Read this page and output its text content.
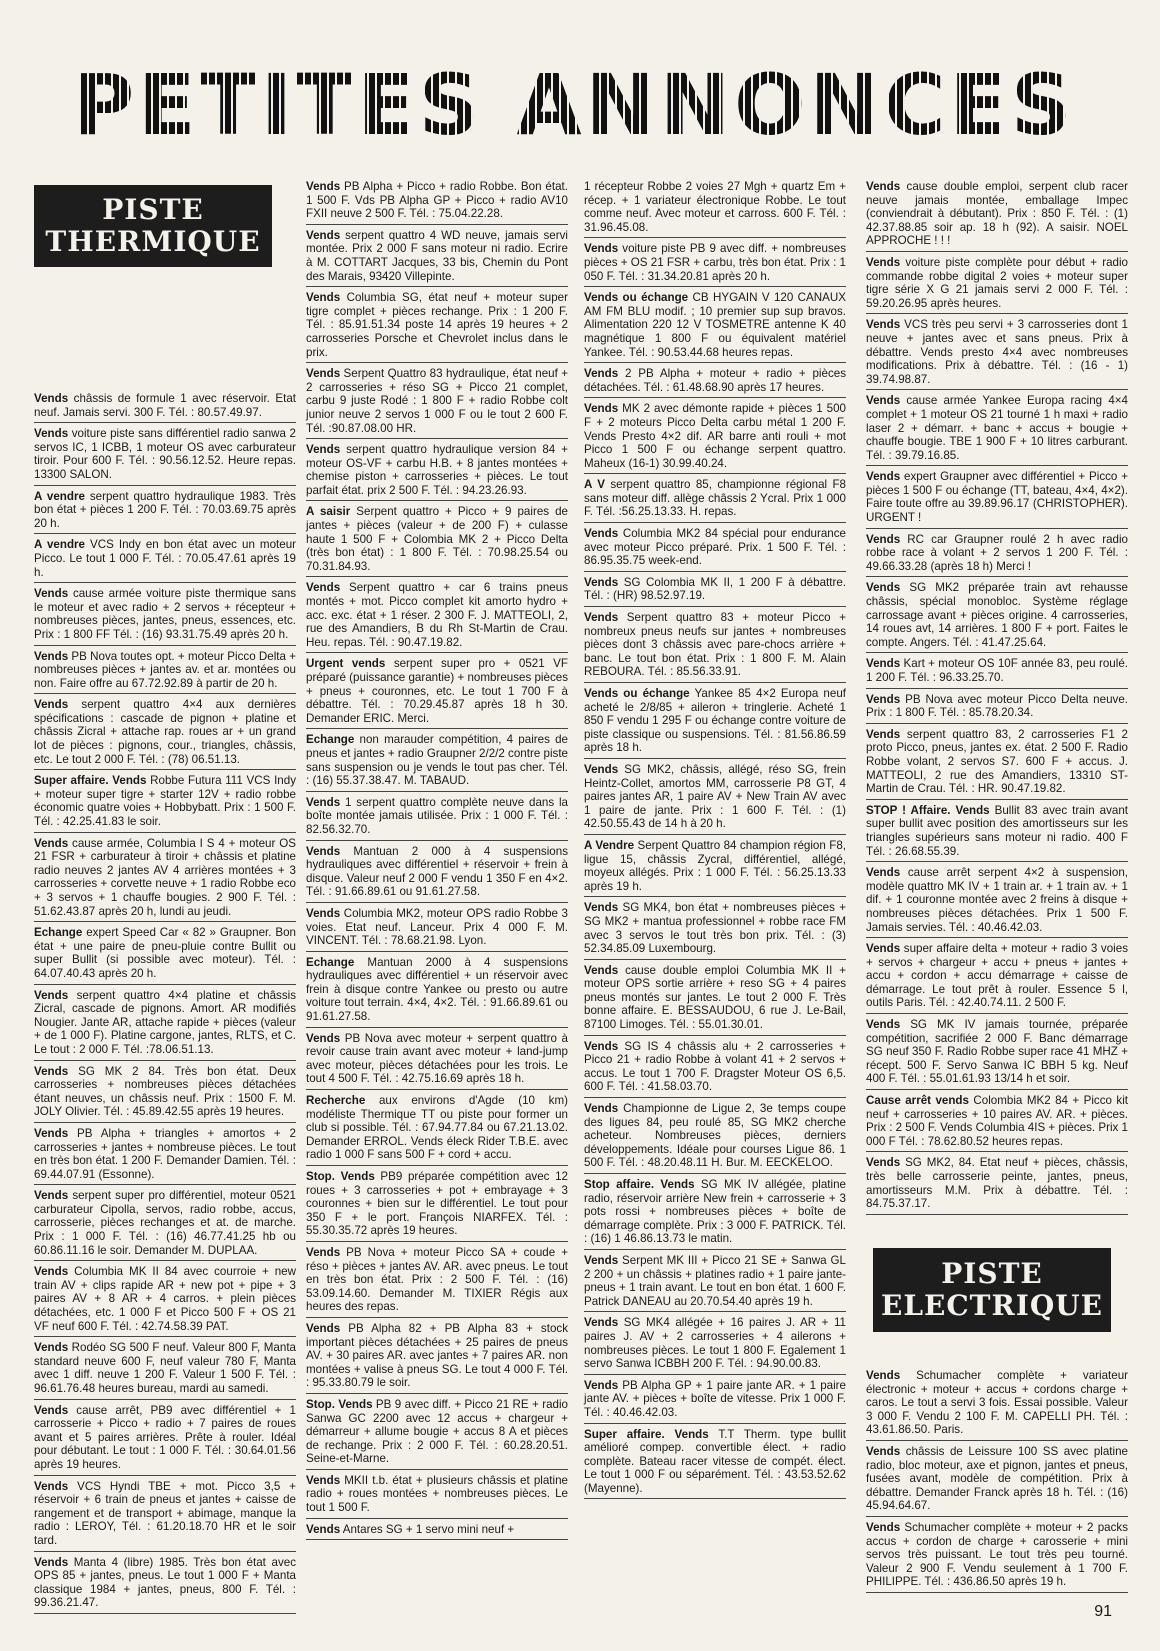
PETITES ANNONCES
PISTE
THERMIQUE
Vends châssis de formule 1 avec réservoir. Etat neuf. Jamais servi. 300 F. Tél. : 80.57.49.97.
Vends voiture piste sans différentiel radio sanwa 2 servos IC, 1 ICBB, 1 moteur OS avec carburateur tiroir. Pour 600 F. Tél. : 90.56.12.52. Heure repas. 13300 SALON.
A vendre serpent quattro hydraulique 1983. Très bon état + pièces 1 200 F. Tél. : 70.03.69.75 après 20 h.
A vendre VCS Indy en bon état avec un moteur Picco. Le tout 1 000 F. Tél. : 70.05.47.61 après 19 h.
Vends cause armée voiture piste thermique sans le moteur et avec radio + 2 servos + récepteur + nombreuses pièces, jantes, pneus, essences, etc. Prix : 1 800 FF Tél. : (16) 93.31.75.49 après 20 h.
Vends PB Nova toutes opt. + moteur Picco Delta + nombreuses pièces + jantes av. et ar. montées ou non. Faire offre au 67.72.92.89 à partir de 20 h.
Vends serpent quattro 4×4 aux dernières spécifications : cascade de pignon + platine et châssis Zicral + attache rap. roues ar + un grand lot de pièces : pignons, cour., triangles, châssis, etc. Le tout 2 000 F. Tél. : (78) 06.51.13.
Super affaire. Vends Robbe Futura 111 VCS Indy + moteur super tigre + starter 12V + radio robbe économic quatre voies + Hobbybatt. Prix : 1 500 F. Tél. : 42.25.41.83 le soir.
Vends cause armée, Columbia I S 4 + moteur OS 21 FSR + carburateur à tiroir + châssis et platine radio neuves 2 jantes AV 4 arrières montées + 3 carrosseries + corvette neuve + 1 radio Robbe eco + 3 servos + 1 chauffe bougies. 2 900 F. Tél. : 51.62.43.87 après 20 h, lundi au jeudi.
Echange expert Speed Car « 82 » Graupner. Bon état + une paire de pneu-pluie contre Bullit ou super Bullit (si possible avec moteur). Tél. : 64.07.40.43 après 20 h.
Vends serpent quattro 4×4 platine et châssis Zicral, cascade de pignons. Amort. AR modifiés Nougier. Jante AR, attache rapide + pièces (valeur + de 1 000 F). Platine cargone, jantes, RLTS, et C. Le tout : 2 000 F. Tél. :78.06.51.13.
Vends SG MK 2 84. Très bon état. Deux carrosseries + nombreuses pièces détachées étant neuves, un châssis neuf. Prix : 1500 F. M. JOLY Olivier. Tél. : 45.89.42.55 après 19 heures.
Vends PB Alpha + triangles + amortos + 2 carrosseries + jantes + nombreuse pièces. Le tout en très bon état. 1 200 F. Demander Damien. Tél. : 69.44.07.91 (Essonne).
Vends serpent super pro différentiel, moteur 0521 carburateur Cipolla, servos, radio robbe, accus, carrosserie, pièces rechanges et at. de marche. Prix : 1 000 F. Tél. : (16) 46.77.41.25 hb ou 60.86.11.16 le soir. Demander M. DUPLAA.
Vends Columbia MK II 84 avec courroie + new train AV + clips rapide AR + new pot + pipe + 3 paires AV + 8 AR + 4 carros. + plein pièces détachées, etc. 1 000 F et Picco 500 F + OS 21 VF neuf 600 F. Tél. : 42.74.58.39 PAT.
Vends Rodéo SG 500 F neuf. Valeur 800 F, Manta standard neuve 600 F, neuf valeur 780 F, Manta avec 1 diff. neuve 1 200 F. Valeur 1 500 F. Tél. : 96.61.76.48 heures bureau, mardi au samedi.
Vends cause arrêt, PB9 avec différentiel + 1 carrosserie + Picco + radio + 7 paires de roues avant et 5 paires arrières. Prête à rouler. Idéal pour débutant. Le tout : 1 000 F. Tél. : 30.64.01.56 après 19 heures.
Vends VCS Hyndi TBE + mot. Picco 3,5 + réservoir + 6 train de pneus et jantes + caisse de rangement et de transport + abimage, manque la radio : LEROY, Tél. : 61.20.18.70 HR et le soir tard.
Vends Manta 4 (libre) 1985. Très bon état avec OPS 85 + jantes, pneus. Le tout 1 000 F + Manta classique 1984 + jantes, pneus, 800 F. Tél. : 99.36.21.47.
Vends PB Alpha + Picco + radio Robbe. Bon état. 1 500 F. Vds PB Alpha GP + Picco + radio AV10 FXII neuve 2 500 F. Tél. : 75.04.22.28.
Vends serpent quattro 4 WD neuve, jamais servi montée. Prix 2 000 F sans moteur ni radio. Ecrire à M. COTTART Jacques, 33 bis, Chemin du Pont des Marais, 93420 Villepinte.
Vends Columbia SG, état neuf + moteur super tigre complet + pièces rechange. Prix : 1 200 F. Tél. : 85.91.51.34 poste 14 après 19 heures + 2 carrosseries Porsche et Chevrolet inclus dans le prix.
Vends Serpent Quattro 83 hydraulique, état neuf + 2 carrosseries + réso SG + Picco 21 complet, carbu 9 juste Rodé : 1 800 F + radio Robbe colt junior neuve 2 servos 1 000 F ou le tout 2 600 F. Tél. :90.87.08.00 HR.
Vends serpent quattro hydraulique version 84 + moteur OS-VF + carbu H.B. + 8 jantes montées + chemise piston + carrosseries + pièces. Le tout parfait état. prix 2 500 F. Tél. : 94.23.26.93.
A saisir Serpent quattro + Picco + 9 paires de jantes + pièces (valeur + de 200 F) + culasse haute 1 500 F + Colombia MK 2 + Picco Delta (très bon état) : 1 800 F. Tél. : 70.98.25.54 ou 70.31.84.93.
Vends Serpent quattro + car 6 trains pneus montés + mot. Picco complet kit amorto hydro + acc. exc. état + 1 réser. 2 300 F. J. MATTEOLI, 2, rue des Amandiers, B du Rh St-Martin de Crau. Heu. repas. Tél. : 90.47.19.82.
Urgent vends serpent super pro + 0521 VF préparé (puissance garantie) + nombreuses pièces + pneus + couronnes, etc. Le tout 1 700 F à débattre. Tél. : 70.29.45.87 après 18 h 30. Demander ERIC. Merci.
Echange non marauder compétition, 4 paires de pneus et jantes + radio Graupner 2/2/2 contre piste sans suspension ou je vends le tout pas cher. Tél. : (16) 55.37.38.47. M. TABAUD.
Vends 1 serpent quattro complète neuve dans la boîte montée jamais utilisée. Prix : 1 000 F. Tél. : 82.56.32.70.
Vends Mantuan 2 000 à 4 suspensions hydrauliques avec différentiel + réservoir + frein à disque. Valeur neuf 2 000 F vendu 1 350 F en 4×2. Tél. : 91.66.89.61 ou 91.61.27.58.
Vends Columbia MK2, moteur OPS radio Robbe 3 voies. Etat neuf. Lanceur. Prix 4 000 F. M. VINCENT. Tél. : 78.68.21.98. Lyon.
Echange Mantuan 2000 à 4 suspensions hydrauliques avec différentiel + un réservoir avec frein à disque contre Yankee ou presto ou autre voiture tout terrain. 4×4, 4×2. Tél. : 91.66.89.61 ou 91.61.27.58.
Vends PB Nova avec moteur + serpent quattro à revoir cause train avant avec moteur + land-jump avec moteur, pièces détachées pour les trois. Le tout 4 500 F. Tél. : 42.75.16.69 après 18 h.
Recherche aux environs d'Agde (10 km) modéliste Thermique TT ou piste pour former un club si possible. Tél. : 67.94.77.84 ou 67.21.13.02. Demander ERROL. Vends éleck Rider T.B.E. avec radio 1 000 F sans 500 F + cord + accu.
Stop. Vends PB9 préparée compétition avec 12 roues + 3 carrosseries + pot + embrayage + 3 couronnes + bien sur le différentiel. Le tout pour 350 F + le port. François NIARFEX. Tél. : 55.30.35.72 après 19 heures.
Vends PB Nova + moteur Picco SA + coude + réso + pièces + jantes AV. AR. avec pneus. Le tout en très bon état. Prix : 2 500 F. Tél. : (16) 53.09.14.60. Demander M. TIXIER Régis aux heures des repas.
Vends PB Alpha 82 + PB Alpha 83 + stock important pièces détachées + 25 paires de pneus AV. + 30 paires AR. avec jantes + 7 paires AR. non montées + valise à pneus SG. Le tout 4 000 F. Tél. : 95.33.80.79 le soir.
Stop. Vends PB 9 avec diff. + Picco 21 RE + radio Sanwa GC 2200 avec 12 accus + chargeur + démarreur + allume bougie + accus 8 A et pièces de rechange. Prix : 2 000 F. Tél. : 60.28.20.51. Seine-et-Marne.
Vends MKII t.b. état + plusieurs châssis et platine radio + roues montées + nombreuses pièces. Le tout 1 500 F.
Vends Antares SG + 1 servo mini neuf +
1 récepteur Robbe 2 voies 27 Mgh + quartz Em + récep. + 1 variateur électronique Robbe. Le tout comme neuf. Avec moteur et carross. 600 F. Tél. : 31.96.45.08.
Vends voiture piste PB 9 avec diff. + nombreuses pièces + OS 21 FSR + carbu, très bon état. Prix : 1 050 F. Tél. : 31.34.20.81 après 20 h.
Vends ou échange CB HYGAIN V 120 CANAUX AM FM BLU modif. ; 10 premier sup sup bravos. Alimentation 220 12 V TOSMETRE antenne K 40 magnétique 1 800 F ou équivalent matériel Yankee. Tél. : 90.53.44.68 heures repas.
Vends 2 PB Alpha + moteur + radio + pièces détachées. Tél. : 61.48.68.90 après 17 heures.
Vends MK 2 avec démonte rapide + pièces 1 500 F + 2 moteurs Picco Delta carbu métal 1 200 F. Vends Presto 4×2 dif. AR barre anti rouli + mot Picco 1 500 F ou échange serpent quattro. Maheux (16-1) 30.99.40.24.
A V serpent quattro 85, championne régional F8 sans moteur diff. allège châssis 2 Ycral. Prix 1 000 F. Tél. :56.25.13.33. H. repas.
Vends Columbia MK2 84 spécial pour endurance avec moteur Picco préparé. Prix. 1 500 F. Tél. : 86.95.35.75 week-end.
Vends SG Colombia MK II, 1 200 F à débattre. Tél. : (HR) 98.52.97.19.
Vends Serpent quattro 83 + moteur Picco + nombreux pneus neufs sur jantes + nombreuses pièces dont 3 châssis avec pare-chocs arrière + banc. Le tout bon état. Prix : 1 800 F. M. Alain REBOURA. Tél. : 85.56.33.91.
Vends ou échange Yankee 85 4×2 Europa neuf acheté le 2/8/85 + aileron + tringlerie. Acheté 1 850 F vendu 1 295 F ou échange contre voiture de piste classique ou suspensions. Tél. : 81.56.86.59 après 18 h.
Vends SG MK2, châssis, allégé, réso SG, frein Heintz-Collet, amortos MM, carrosserie P8 GT, 4 paires jantes AR, 1 paire AV + New Train AV avec 1 paire de jante. Prix : 1 600 F. Tél. : (1) 42.50.55.43 de 14 h à 20 h.
A Vendre Serpent Quattro 84 champion région F8, ligue 15, châssis Zycral, différentiel, allégé, moyeux allégés. Prix : 1 000 F. Tél. : 56.25.13.33 après 19 h.
Vends SG MK4, bon état + nombreuses pièces + SG MK2 + mantua professionnel + robbe race FM avec 3 servos le tout très bon prix. Tél. : (3) 52.34.85.09 Luxembourg.
Vends cause double emploi Columbia MK II + moteur OPS sortie arrière + reso SG + 4 paires pneus montés sur jantes. Le tout 2 000 F. Très bonne affaire. E. BESSAUDOU, 6 rue J. Le-Bail, 87100 Limoges. Tél. : 55.01.30.01.
Vends SG IS 4 châssis alu + 2 carrosseries + Picco 21 + radio Robbe à volant 41 + 2 servos + accus. Le tout 1 700 F. Dragster Moteur OS 6,5. 600 F. Tél. : 41.58.03.70.
Vends Championne de Ligue 2, 3e temps coupe des ligues 84, peu roulé 85, SG MK2 cherche acheteur. Nombreuses pièces, derniers développements. Idéale pour courses Ligue 86. 1 500 F. Tél. : 48.20.48.11 H. Bur. M. EECKELOO.
Stop affaire. Vends SG MK IV allégée, platine radio, réservoir arrière New frein + carrosserie + 3 pots rossi + nombreuses pièces + boîte de démarrage complète. Prix : 3 000 F. PATRICK. Tél. : (16) 1 46.86.13.73 le matin.
Vends Serpent MK III + Picco 21 SE + Sanwa GL 2 200 + un châssis + platines radio + 1 paire jante-pneus + 1 train avant. Le tout en bon état. 1 600 F. Patrick DANEAU au 20.70.54.40 après 19 h.
Vends SG MK4 allégée + 16 paires J. AR + 11 paires J. AV + 2 carrosseries + 4 ailerons + nombreuses pièces. Le tout 1 800 F. Egalement 1 servo Sanwa ICBBH 200 F. Tél. : 94.90.00.83.
Vends PB Alpha GP + 1 paire jante AR. + 1 paire jante AV. + pièces + boîte de vitesse. Prix 1 000 F. Tél. : 40.46.42.03.
Super affaire. Vends T.T Therm. type bullit amélioré compep. convertible élect. + radio complète. Bateau racer vitesse de compét. élect. Le tout 1 000 F ou séparément. Tél. : 43.53.52.62 (Mayenne).
Vends cause double emploi, serpent club racer neuve jamais montée, emballage Impec (conviendrait à débutant). Prix : 850 F. Tél. : (1) 42.37.88.85 soir ap. 18 h (92). A saisir. NOEL APPROCHE ! ! !
Vends voiture piste complète pour début + radio commande robbe digital 2 voies + moteur super tigre série X G 21 jamais servi 2 000 F. Tél. : 59.20.26.95 après heures.
Vends VCS très peu servi + 3 carrosseries dont 1 neuve + jantes avec et sans pneus. Prix à débattre. Vends presto 4×4 avec nombreuses modifications. Prix à débattre. Tél. : (16 - 1) 39.74.98.87.
Vends cause armée Yankee Europa racing 4×4 complet + 1 moteur OS 21 tourné 1 h maxi + radio laser 2 + démarr. + banc + accus + bougie + chauffe bougie. TBE 1 900 F + 10 litres carburant. Tél. : 39.79.16.85.
Vends expert Graupner avec différentiel + Picco + pièces 1 500 F ou échange (TT, bateau, 4×4, 4×2). Faire toute offre au 39.89.96.17 (CHRISTOPHER). URGENT !
Vends RC car Graupner roulé 2 h avec radio robbe race à volant + 2 servos 1 200 F. Tél. : 49.66.33.28 (après 18 h) Merci !
Vends SG MK2 préparée train avt rehausse châssis, spécial monobloc. Système réglage carrossage avant + pièces origine. 4 carrosseries, 14 roues avt, 14 arrières. 1 800 F + port. Faites le compte. Angers. Tél. : 41.47.25.64.
Vends Kart + moteur OS 10F année 83, peu roulé. 1 200 F. Tél. : 96.33.25.70.
Vends PB Nova avec moteur Picco Delta neuve. Prix : 1 800 F. Tél. : 85.78.20.34.
Vends serpent quattro 83, 2 carrosseries F1 2 proto Picco, pneus, jantes ex. état. 2 500 F. Radio Robbe volant, 2 servos S7. 600 F + accus. J. MATTEOLI, 2 rue des Amandiers, 13310 ST-Martin de Crau. Tél. : HR. 90.47.19.82.
STOP ! Affaire. Vends Bullit 83 avec train avant super bullit avec position des amortisseurs sur les triangles supérieurs sans moteur ni radio. 400 F Tél. : 26.68.55.39.
Vends cause arrêt serpent 4×2 à suspension, modèle quattro MK IV + 1 train ar. + 1 train av. + 1 dif. + 1 couronne montée avec 2 freins à disque + nombreuses pièces détachées. Prix 1 500 F. Jamais servies. Tél. : 40.46.42.03.
Vends super affaire delta + moteur + radio 3 voies + servos + chargeur + accu + pneus + jantes + accu + cordon + accu démarrage + caisse de démarrage. Le tout prêt à rouler. Essence 5 l, outils Paris. Tél. : 42.40.74.11. 2 500 F.
Vends SG MK IV jamais tournée, préparée compétition, sacrifiée 2 000 F. Banc démarrage SG neuf 350 F. Radio Robbe super race 41 MHZ + récept. 500 F. Servo Sanwa IC BBH 5 kg. Neuf 400 F. Tél. : 55.01.61.93 13/14 h et soir.
Cause arrêt vends Colombia MK2 84 + Picco kit neuf + carrosseries + 10 paires AV. AR. + pièces. Prix : 2 500 F. Vends Columbia 4IS + pièces. Prix 1 000 F Tél. : 78.62.80.52 heures repas.
Vends SG MK2, 84. Etat neuf + pièces, châssis, très belle carrosserie peinte, jantes, pneus, amortisseurs M.M. Prix à débattre. Tél. : 84.75.37.17.
PISTE
ELECTRIQUE
Vends Schumacher complète + variateur électronic + moteur + accus + cordons charge + caros. Le tout a servi 3 fois. Essai possible. Valeur 3 000 F. Vendu 2 100 F. M. CAPELLI PH. Tél. : 43.61.86.50. Paris.
Vends châssis de Leissure 100 SS avec platine radio, bloc moteur, axe et pignon, jantes et pneus, fusées avant, modèle de compétition. Prix à débattre. Demander Franck après 18 h. Tél. : (16) 45.94.64.67.
Vends Schumacher complète + moteur + 2 packs accus + cordon de charge + carosserie + mini servos très puissant. Le tout très peu tourné. Valeur 2 900 F. Vendu seulement à 1 700 F. PHILIPPE. Tél. : 436.86.50 après 19 h.
91
